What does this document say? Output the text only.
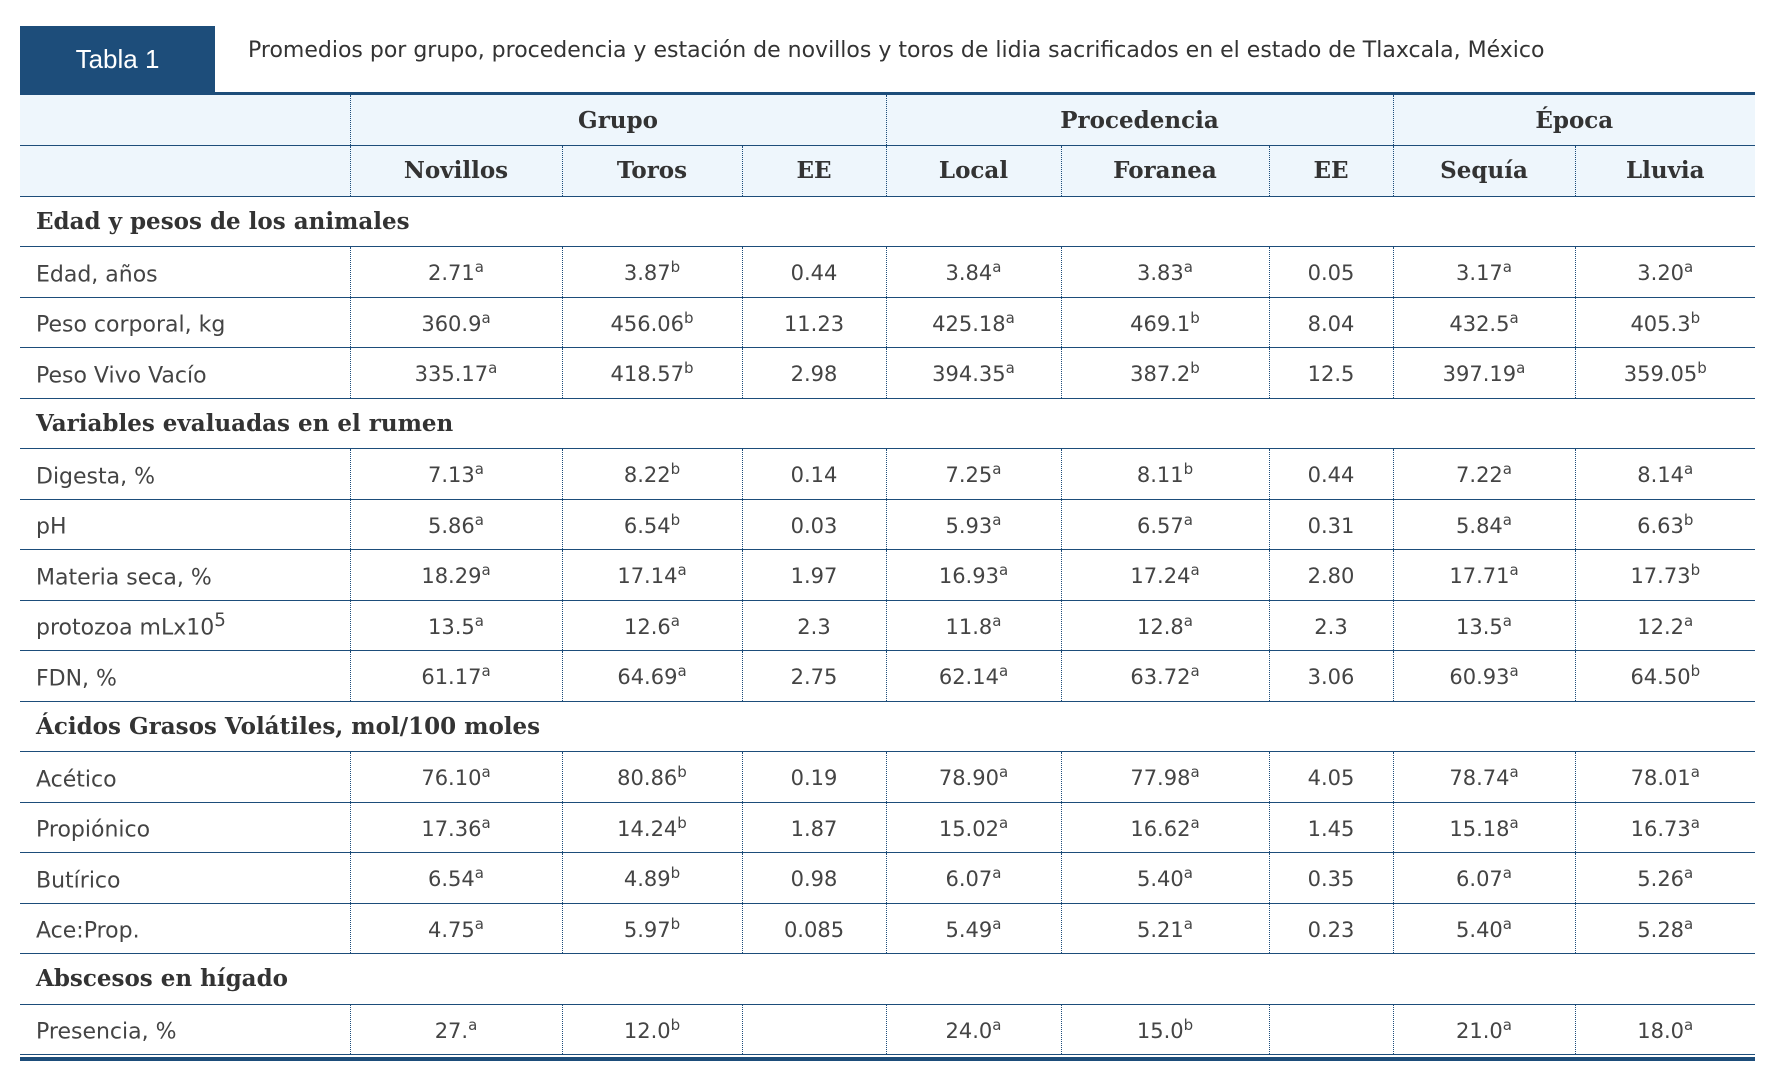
Tabla 1	Promedios por grupo, procedencia y estación de novillos y toros de lidia sacrificados en el estado de Tlaxcala, México
	Grupo			Procedencia			Época	
	Novillos	Toros	EE	Local	Foranea	EE	Sequía	Lluvia
Edad y pesos de los animales								
Edad, años	2.71$^a$	3.87$^b$	0.44	3.84$^a$	3.83$^a$	0.05	3.17$^a$	3.20$^a$
Peso corporal, kg	360.9$^a$	456.06$^b$	11.23	425.18$^a$	469.1$^b$	8.04	432.5$^a$	405.3$^b$
Peso Vivo Vacío	335.17$^a$	418.57$^b$	2.98	394.35$^a$	387.2$^b$	12.5	397.19$^a$	359.05$^b$
Variables evaluadas en el rumen								
Digesta, %	7.13$^a$	8.22$^b$	0.14	7.25$^a$	8.11$^b$	0.44	7.22$^a$	8.14$^a$
pH	5.86$^a$	6.54$^b$	0.03	5.93$^a$	6.57$^a$	0.31	5.84$^a$	6.63$^b$
Materia seca, %	18.29$^a$	17.14$^a$	1.97	16.93$^a$	17.24$^a$	2.80	17.71$^a$	17.73$^b$
protozoa $mLx10^5$	13.5$^a$	12.6$^a$	2.3	11.8$^a$	12.8$^a$	2.3	13.5$^a$	12.2$^a$
FDN, %	61.17$^a$	64.69$^a$	2.75	62.14$^a$	63.72$^a$	3.06	60.93$^a$	64.50$^b$
Ácidos Grasos Volátiles, mol/100 moles								
Acético	76.10$^a$	80.86$^b$	0.19	78.90$^a$	77.98$^a$	4.05	78.74$^a$	78.01$^a$
Propiónico	17.36$^a$	14.24$^b$	1.87	15.02$^a$	16.62$^a$	1.45	15.18$^a$	16.73$^a$
Butírico	6.54$^a$	4.89$^b$	0.98	6.07$^a$	5.40$^a$	0.35	6.07$^a$	5.26$^a$
Ace:Prop.	4.75$^a$	5.97$^b$	0.085	5.49$^a$	5.21$^a$	0.23	5.40$^a$	5.28$^a$
Abscesos en hígado								
Presencia, %	27.$^a$	12.0$^b$		24.0$^a$	15.0$^b$		21.0$^a$	18.0$^a$
